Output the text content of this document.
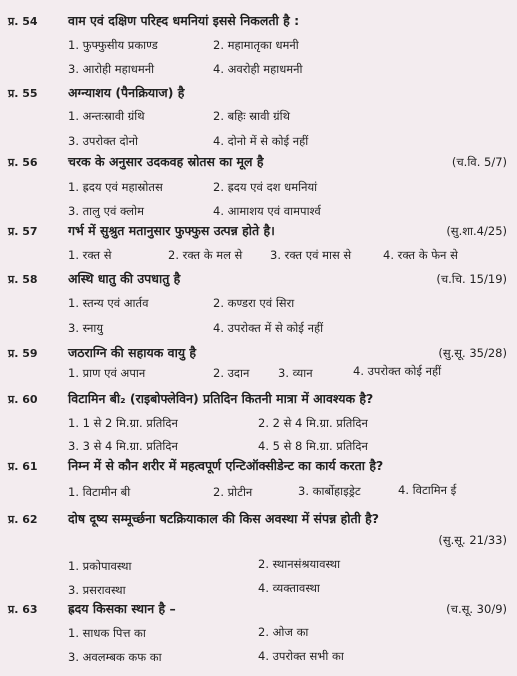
प्र. 54	वाम एवं दक्षिण परिह्द धमनियां इससे निकलती है :
1. फुफ्फुसीय प्रकाण्ड	2. महामातृका धमनी
3. आरोही महाधमनी	4. अवरोही महाधमनी
प्र. 55	अग्न्याशय (पैनक्रियाज) है
1. अन्तःस्रावी ग्रंथि	2. बहिः स्रावी ग्रंथि
3. उपरोक्त दोनो	4. दोनो में से कोई नहीं
प्र. 56	चरक के अनुसार उदकवह स्रोतस का मूल है	(च.वि. 5/7)
1. ह्रदय एवं महास्रोतस	2. ह्रदय एवं दश धमनियां
3. तालु एवं क्लोम	4. आमाशय एवं वामपार्श्व
प्र. 57	गर्भ में सुश्रुत मतानुसार फुफ्फुस उत्पन्न होते है।	(सु.शा.4/25)
1. रक्त से	2. रक्त के मल से 3. रक्त एवं मास से	4. रक्त के फेन से
प्र. 58	अस्थि धातु की उपधातु है	(च.चि. 15/19)
1. स्तन्य एवं आर्तव	2. कण्डरा एवं सिरा
3. स्नायु	4. उपरोक्त में से कोई नहीं
प्र. 59	जठराग्नि की सहायक वायु है	(सु.सू. 35/28)
1. प्राण एवं अपान	2. उदान 3. व्यान	4. उपरोक्त कोई नहीं
प्र. 60	विटामिन बी₂ (राइबोफ्लेविन) प्रतिदिन कितनी मात्रा में आवश्यक है?
1. 1 से 2 मि.ग्रा. प्रतिदिन	2. 2 से 4 मि.ग्रा. प्रतिदिन
3. 3 से 4 मि.ग्रा. प्रतिदिन	4. 5 से 8 मि.ग्रा. प्रतिदिन
प्र. 61	निम्न में से कौन शरीर में महत्वपूर्ण एन्टिऑक्सीडेन्ट का कार्य करता है?
1. विटामीन बी	2. प्रोटीन	3. कार्बोहाइड्रेट	4. विटामिन ई
प्र. 62	दोष दूष्य सम्मूर्च्छना षटक्रियाकाल की किस अवस्था में संपन्न होती है?
(सु.सू. 21/33)
1. प्रकोपावस्था	2. स्थानसंश्रयावस्था
3. प्रसरावस्था	4. व्यक्तावस्था
प्र. 63	ह्रदय किसका स्थान है –	(च.सू. 30/9)
1. साधक पित्त का	2. ओज का
3. अवलम्बक कफ का	4. उपरोक्त सभी का
